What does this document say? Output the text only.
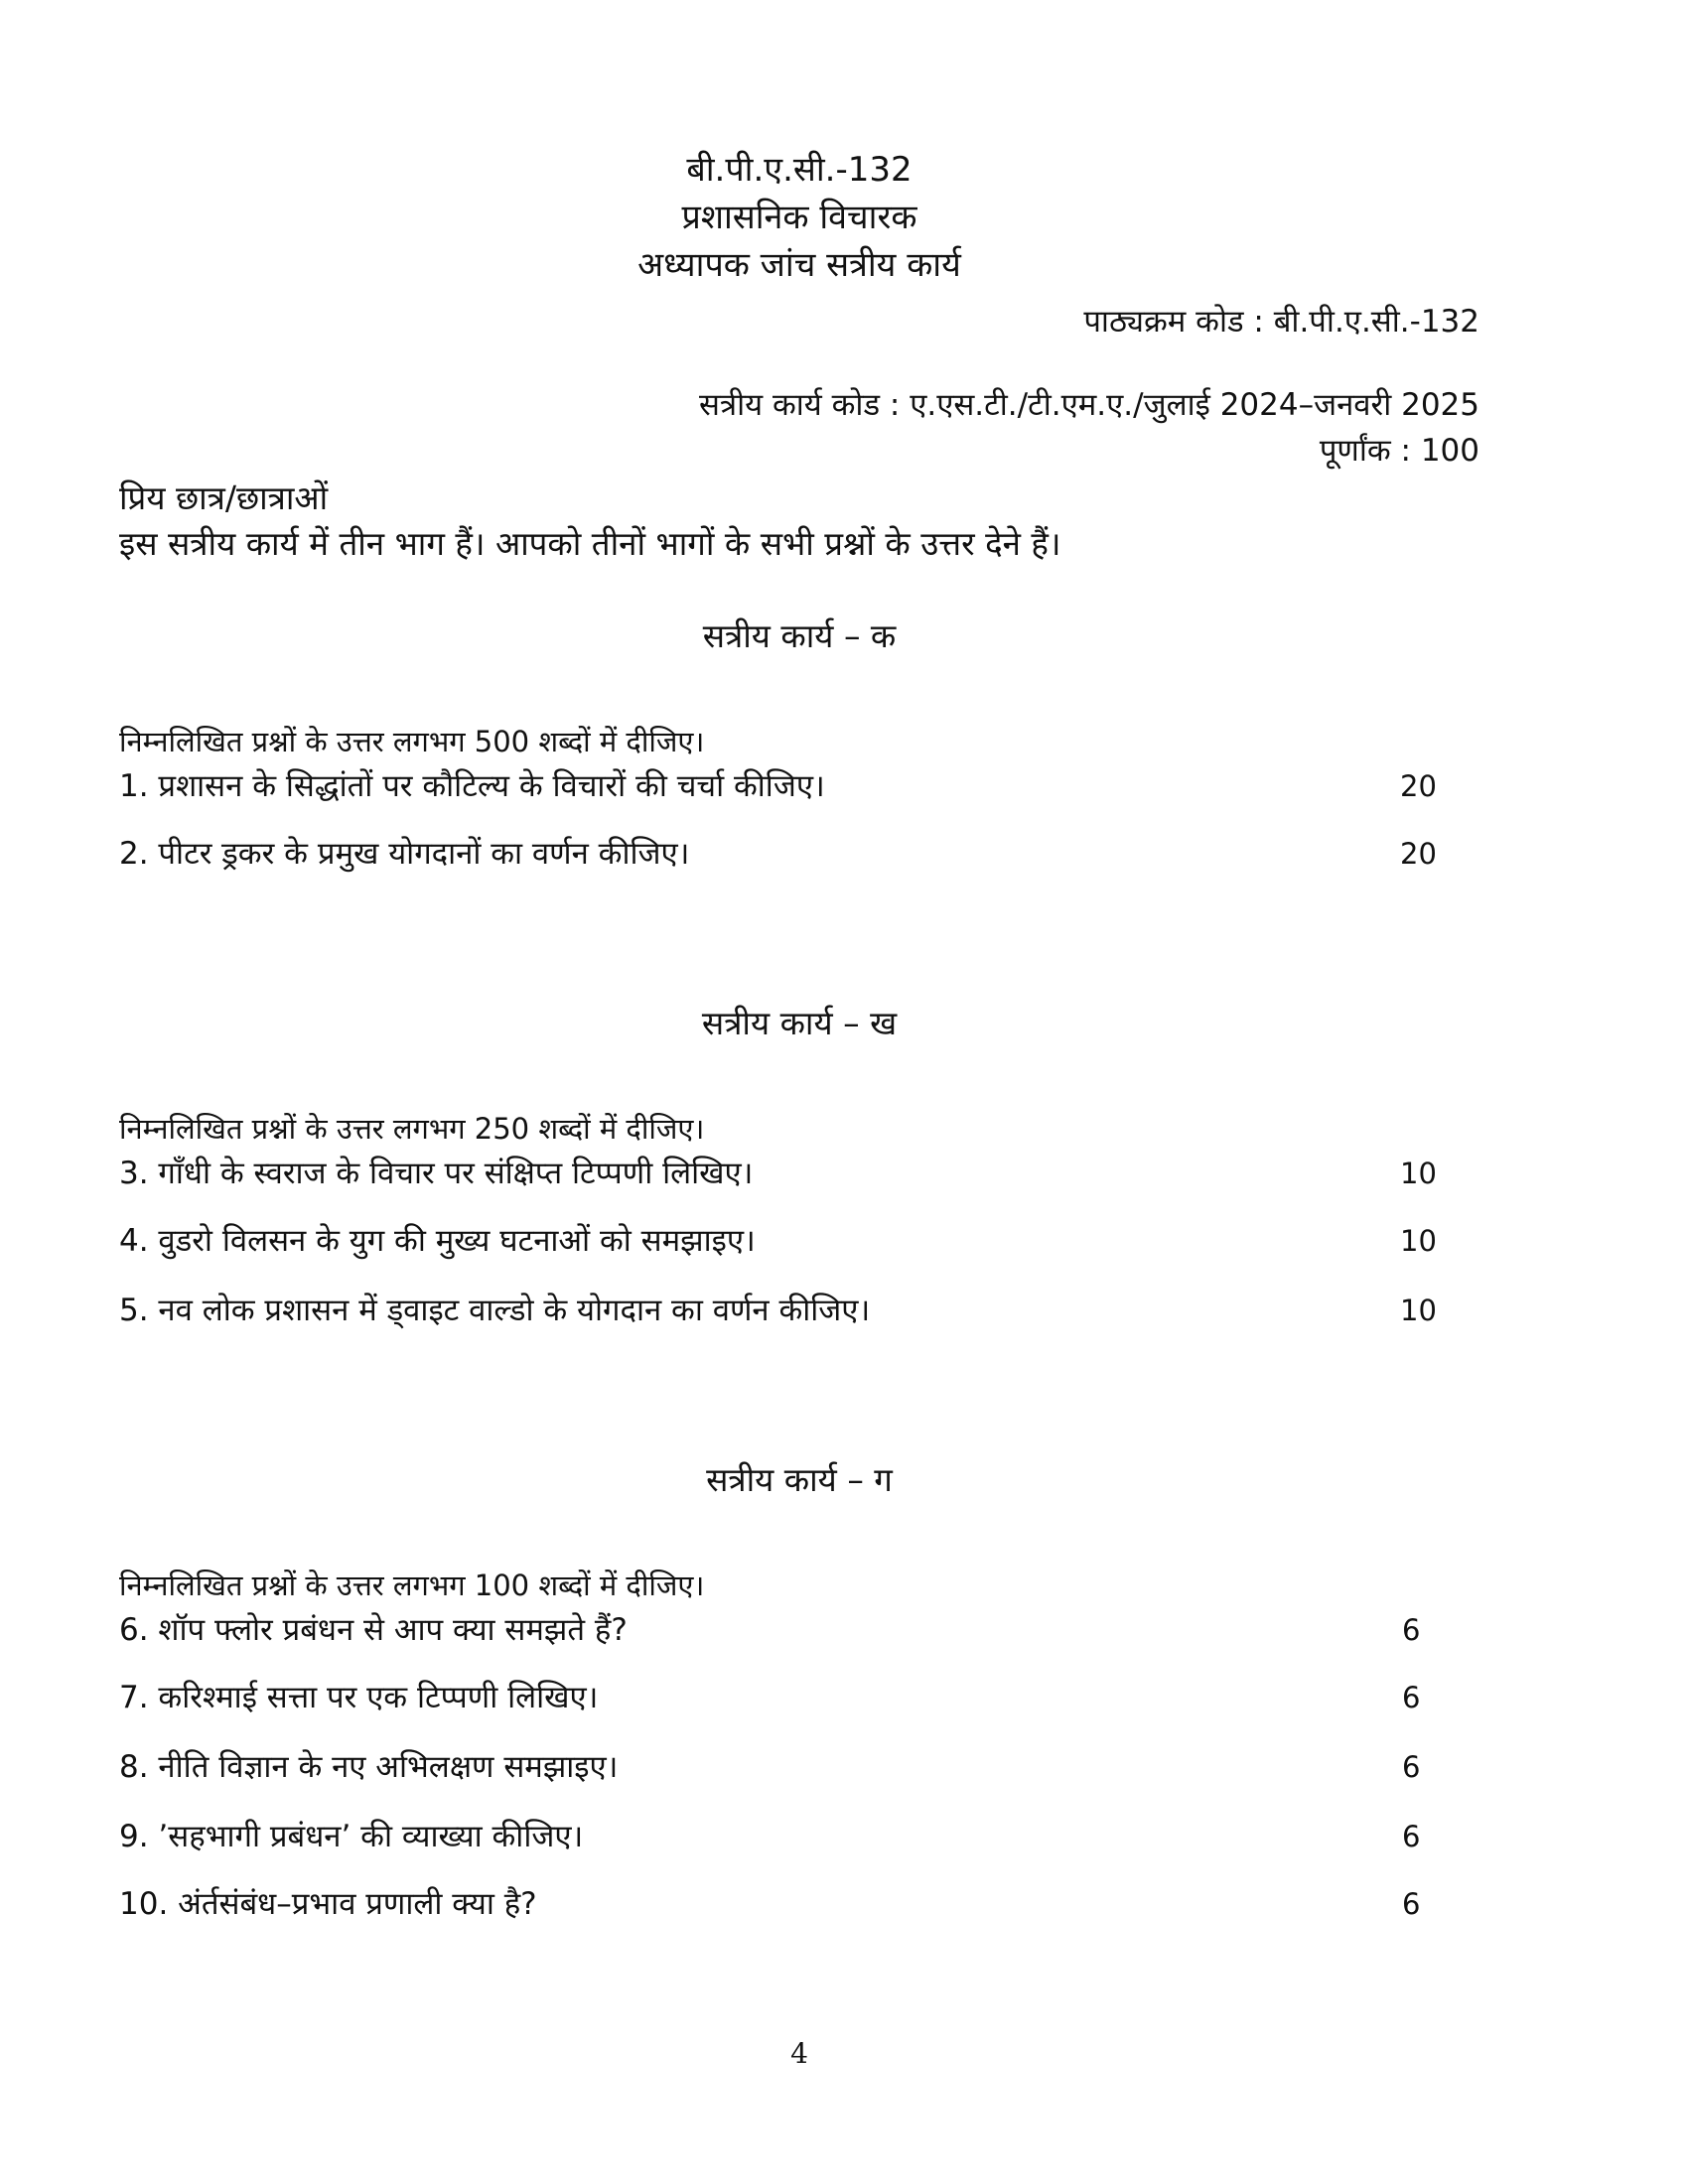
बी.पी.ए.सी.-132
प्रशासनिक विचारक
अध्यापक जांच सत्रीय कार्य
पाठ्यक्रम कोड : बी.पी.ए.सी.-132
सत्रीय कार्य कोड : ए.एस.टी./टी.एम.ए./जुलाई 2024–जनवरी 2025
पूर्णांक : 100
प्रिय छात्र/छात्राओं
इस सत्रीय कार्य में तीन भाग हैं। आपको तीनों भागों के सभी प्रश्नों के उत्तर देने हैं।
सत्रीय कार्य – क
निम्नलिखित प्रश्नों के उत्तर लगभग 500 शब्दों में दीजिए।
1. प्रशासन के सिद्धांतों पर कौटिल्य के विचारों की चर्चा कीजिए।	20
2. पीटर ड्रकर के प्रमुख योगदानों का वर्णन कीजिए।	20
सत्रीय कार्य – ख
निम्नलिखित प्रश्नों के उत्तर लगभग 250 शब्दों में दीजिए।
3. गाँधी के स्वराज के विचार पर संक्षिप्त टिप्पणी लिखिए।	10
4. वुडरो विलसन के युग की मुख्य घटनाओं को समझाइए।	10
5. नव लोक प्रशासन में ड्वाइट वाल्डो के योगदान का वर्णन कीजिए।	10
सत्रीय कार्य – ग
निम्नलिखित प्रश्नों के उत्तर लगभग 100 शब्दों में दीजिए।
6. शॉप फ्लोर प्रबंधन से आप क्या समझते हैं?	6
7. करिश्माई सत्ता पर एक टिप्पणी लिखिए।	6
8. नीति विज्ञान के नए अभिलक्षण समझाइए।	6
9. ’सहभागी प्रबंधन’ की व्याख्या कीजिए।	6
10. अंर्तसंबंध–प्रभाव प्रणाली क्या है?	6
4
